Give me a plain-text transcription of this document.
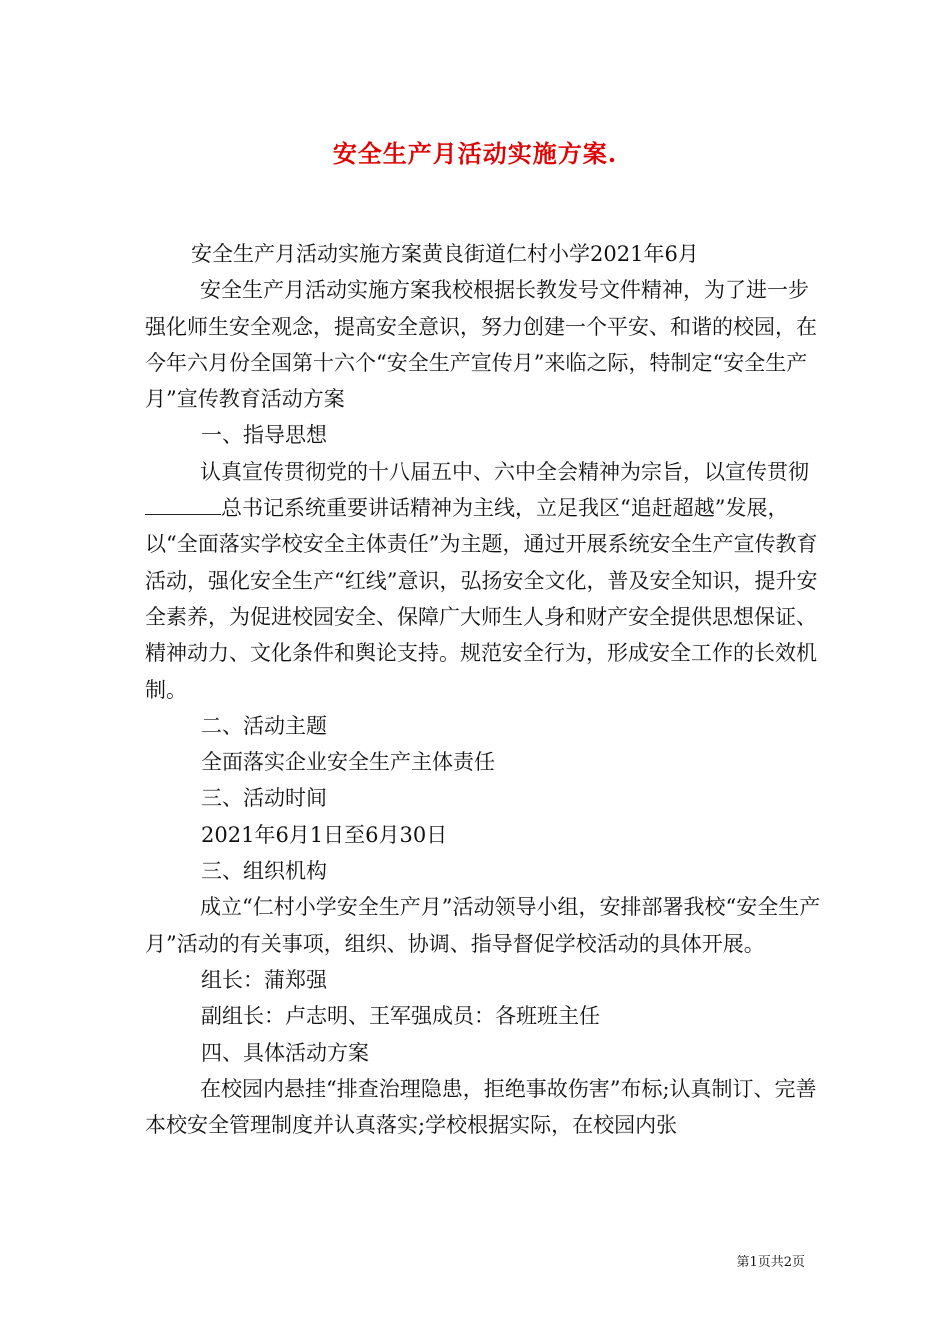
安全生产月活动实施方案.

安全生产月活动实施方案黄良街道仁村小学2021年6月

安全生产月活动实施方案我校根据长教发号文件精神，为了进一步强化师生安全观念，提高安全意识，努力创建一个平安、和谐的校园，在今年六月份全国第十六个“安全生产宣传月”来临之际，特制定“安全生产月”宣传教育活动方案

一、指导思想

认真宣传贯彻党的十八届五中、六中全会精神为宗旨，以宣传贯彻总书记系统重要讲话精神为主线，立足我区“追赶超越”发展，以“全面落实学校安全主体责任”为主题，通过开展系统安全生产宣传教育活动，强化安全生产“红线”意识，弘扬安全文化，普及安全知识，提升安全素养，为促进校园安全、保障广大师生人身和财产安全提供思想保证、精神动力、文化条件和舆论支持。规范安全行为，形成安全工作的长效机制。

二、活动主题

全面落实企业安全生产主体责任

三、活动时间

2021年6月1日至6月30日

三、组织机构

成立“仁村小学安全生产月”活动领导小组，安排部署我校“安全生产月”活动的有关事项，组织、协调、指导督促学校活动的具体开展。

组长：蒲郑强

副组长：卢志明、王军强成员：各班班主任

四、具体活动方案

在校园内悬挂“排查治理隐患，拒绝事故伤害”布标;认真制订、完善本校安全管理制度并认真落实;学校根据实际，在校园内张

第1页共2页
